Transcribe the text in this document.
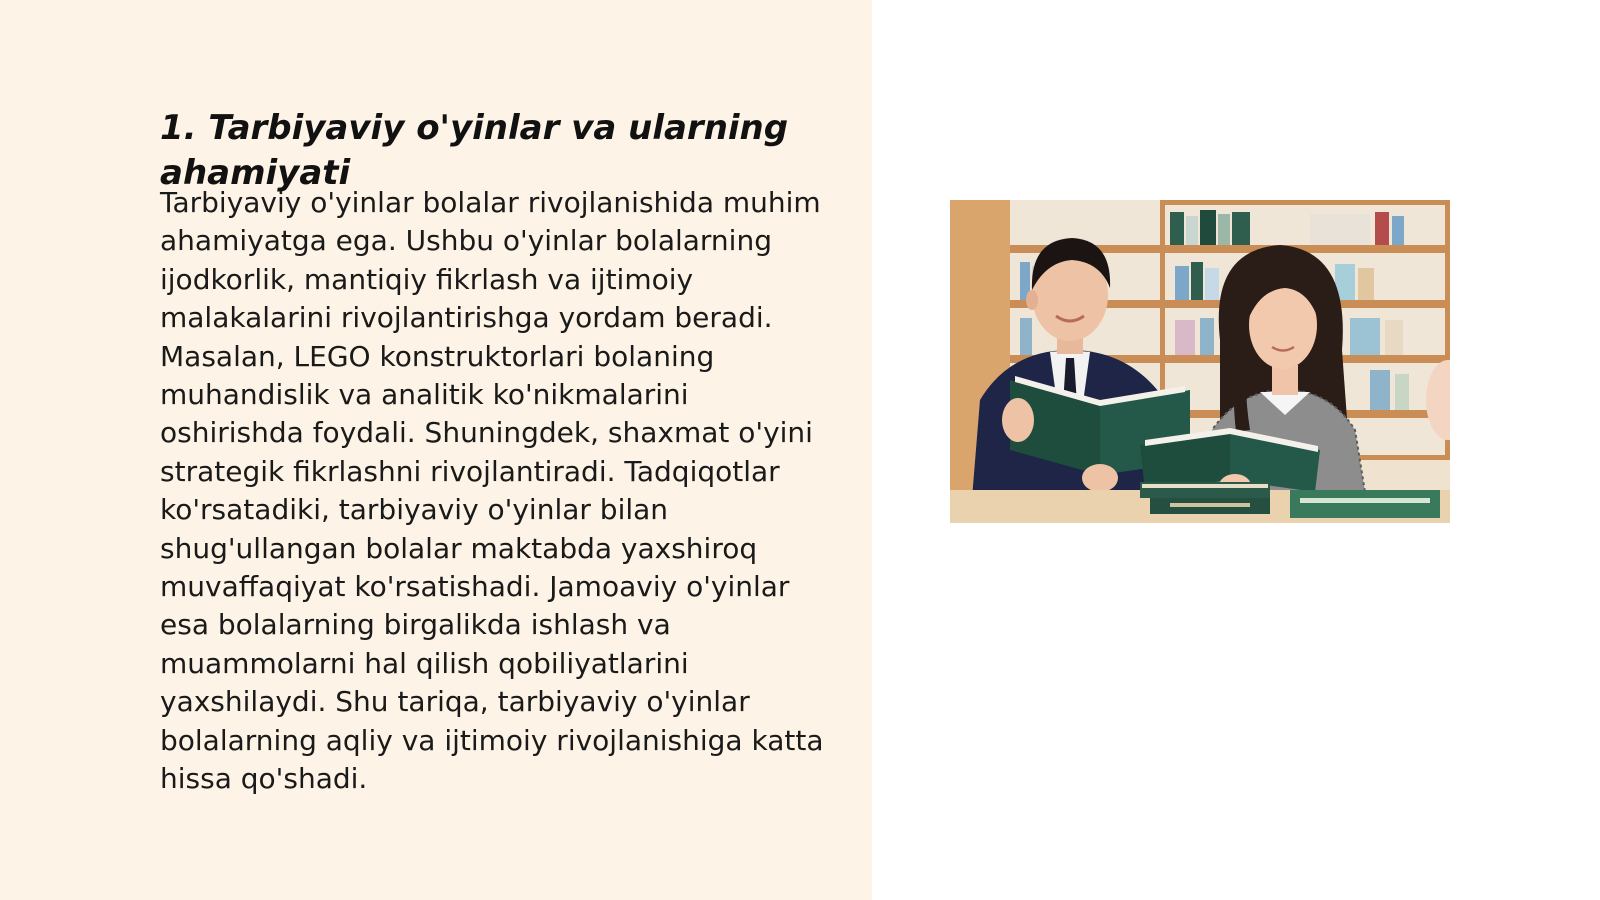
1. Tarbiyaviy o'yinlar va ularning ahamiyati

Tarbiyaviy o'yinlar bolalar rivojlanishida muhim ahamiyatga ega. Ushbu o'yinlar bolalarning ijodkorlik, mantiqiy fikrlash va ijtimoiy malakalarini rivojlantirishga yordam beradi. Masalan, LEGO konstruktorlari bolaning muhandislik va analitik ko'nikmalarini oshirishda foydali. Shuningdek, shaxmat o'yini strategik fikrlashni rivojlantiradi. Tadqiqotlar ko'rsatadiki, tarbiyaviy o'yinlar bilan shug'ullangan bolalar maktabda yaxshiroq muvaffaqiyat ko'rsatishadi. Jamoaviy o'yinlar esa bolalarning birgalikda ishlash va muammolarni hal qilish qobiliyatlarini yaxshilaydi. Shu tariqa, tarbiyaviy o'yinlar bolalarning aqliy va ijtimoiy rivojlanishiga katta hissa qo'shadi.
